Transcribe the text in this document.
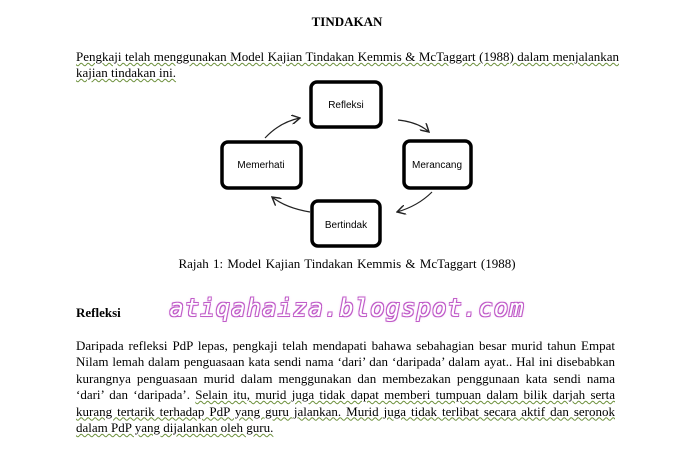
TINDAKAN
Pengkaji telah menggunakan Model Kajian Tindakan Kemmis & McTaggart (1988) dalam menjalankan kajian tindakan ini.
Refleksi
Merancang
Bertindak
Memerhati
Rajah 1: Model Kajian Tindakan Kemmis & McTaggart (1988)
atiqahaiza.blogspot.com
Refleksi
Daripada refleksi PdP lepas, pengkaji telah mendapati bahawa sebahagian besar murid tahun Empat Nilam lemah dalam penguasaan kata sendi nama ‘dari’ dan ‘daripada’ dalam ayat.. Hal ini disebabkan kurangnya penguasaan murid dalam menggunakan dan membezakan penggunaan kata sendi nama ‘dari’ dan ‘daripada’. Selain itu, murid juga tidak dapat memberi tumpuan dalam bilik darjah serta kurang tertarik terhadap PdP yang guru jalankan. Murid juga tidak terlibat secara aktif dan seronok dalam PdP yang dijalankan oleh guru.
